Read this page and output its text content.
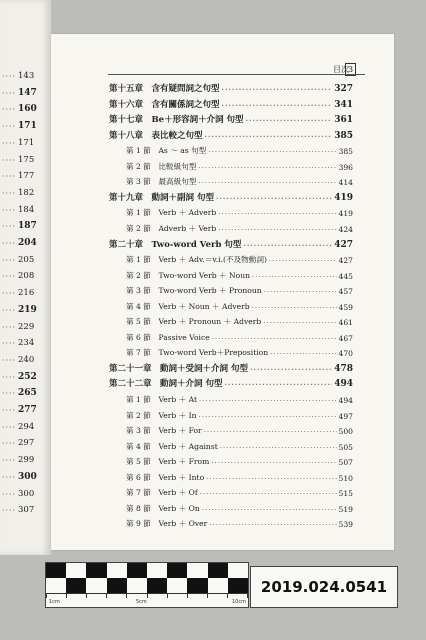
···· 143
···· 147
···· 160
···· 171
···· 171
···· 175
···· 177
···· 182
···· 184
···· 187
···· 204
···· 205
···· 208
···· 216
···· 219
···· 229
···· 234
···· 240
···· 252
···· 265
···· 277
···· 294
···· 297
···· 299
···· 300
···· 300
···· 307
目次
3
第十五章　含有疑問詞之句型 ·····	327
第十六章　含有關係詞之句型 ·····	341
第十七章　Be＋形容詞＋介詞 句型 ·····	361
第十八章　表比較之句型 ·····	385
第 1 節　As ～ as 句型 ·····	385
第 2 節　比較級句型 ·····	396
第 3 節　最高級句型 ·····	414
第十九章　動詞＋副詞 句型 ·····	419
第 1 節　Verb ＋ Adverb ·····	419
第 2 節　Adverb ＋ Verb ·····	424
第二十章　Two-word Verb 句型 ·····	427
第 1 節　Verb ＋ Adv.＝v.i.(不及物動詞) ·····	427
第 2 節　Two-word Verb ＋ Noun ·····	445
第 3 節　Two-word Verb ＋ Pronoun ·····	457
第 4 節　Verb ＋ Noun ＋ Adverb ·····	459
第 5 節　Verb ＋ Pronoun ＋ Adverb ·····	461
第 6 節　Passive Voice ·····	467
第 7 節　Two-word Verb＋Preposition ·····	470
第二十一章　動詞＋受詞＋介詞 句型 ·····	478
第二十二章　動詞＋介詞 句型 ·····	494
第 1 節　Verb ＋ At ·····	494
第 2 節　Verb ＋ In ·····	497
第 3 節　Verb ＋ For ·····	500
第 4 節　Verb ＋ Against ·····	505
第 5 節　Verb ＋ From ·····	507
第 6 節　Verb ＋ Into ·····	510
第 7 節　Verb ＋ Of ·····	515
第 8 節　Verb ＋ On ·····	519
第 9 節　Verb ＋ Over ·····	539
1cm	5cm	10cm
2019.024.0541
